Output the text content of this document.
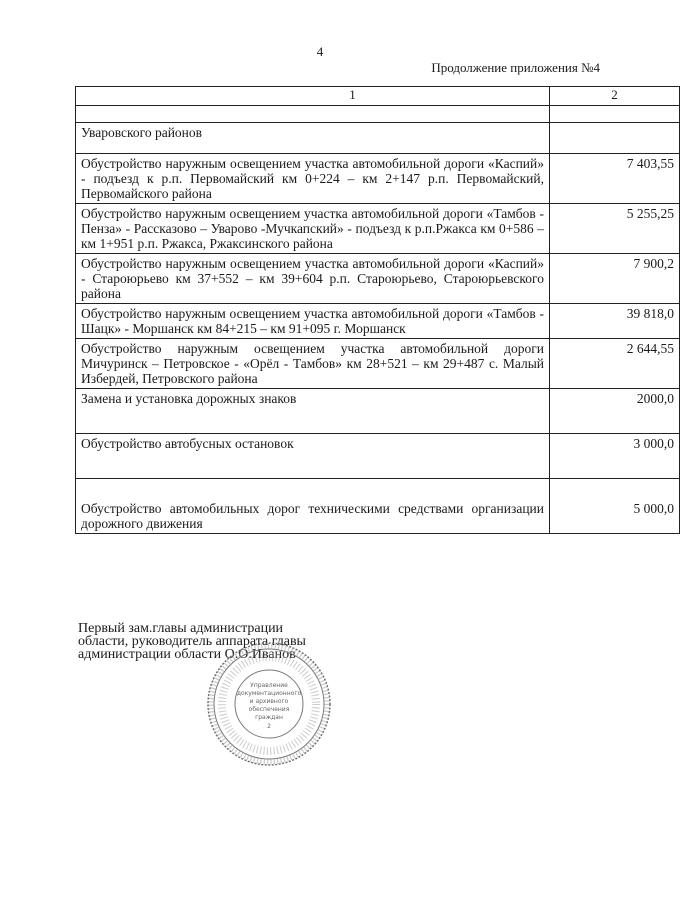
4
Продолжение приложения №4
1	2

Уваровского районов	
Обустройство наружным освещением участка автомобильной дороги «Каспий» - подъезд к р.п. Первомайский км 0+224 – км 2+147 р.п. Первомайский, Первомайского района	7 403,55
Обустройство наружным освещением участка автомобильной дороги «Тамбов - Пенза» - Рассказово – Уварово -Мучкапский» - подъезд к р.п.Ржакса км 0+586 – км 1+951 р.п. Ржакса, Ржаксинского района	5 255,25
Обустройство наружным освещением участка автомобильной дороги «Каспий» - Староюрьево км 37+552 – км 39+604 р.п. Староюрьево, Староюрьевского района	7 900,2
Обустройство наружным освещением участка автомобильной дороги «Тамбов - Шацк» - Моршанск км 84+215 – км 91+095 г. Моршанск	39 818,0
Обустройство наружным освещением участка автомобильной дороги Мичуринск – Петровское - «Орёл - Тамбов» км 28+521 – км 29+487 с. Малый Избердей, Петровского района	2 644,55
Замена и установка дорожных знаков	2000,0
Обустройство автобусных остановок	3 000,0
Обустройство автомобильных дорог техническими средствами организации дорожного движения	5 000,0
Первый зам.главы администрации
области, руководитель аппарата главы
администрации области О.О.Иванов
Управление
документационного
и архивного
обеспечения
граждан
2
